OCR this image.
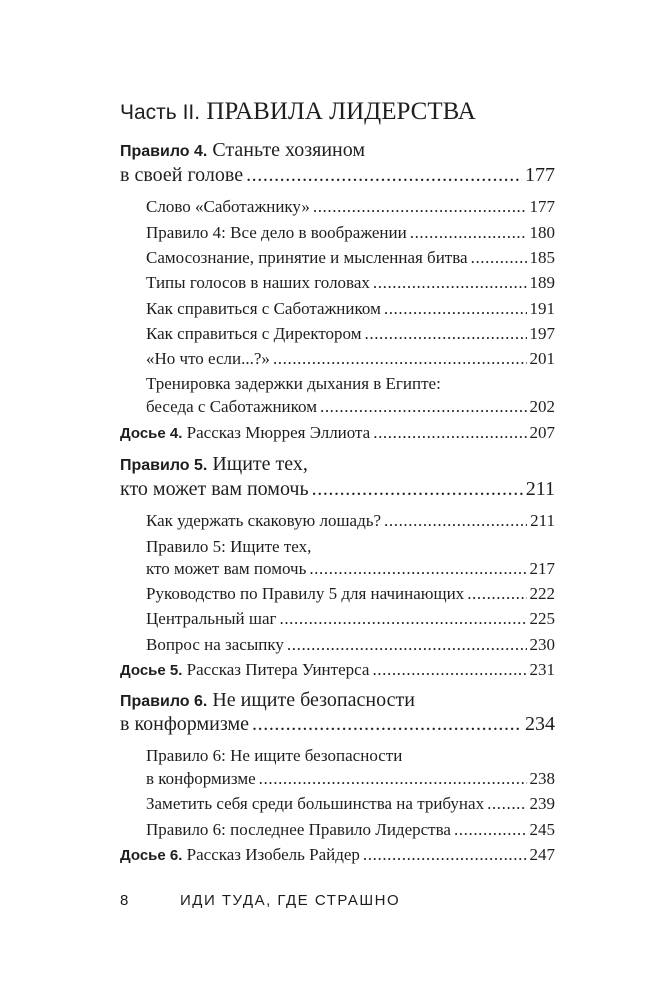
Часть II. ПРАВИЛА ЛИДЕРСТВА
Правило 4. Станьте хозяином
в своей голове .....	177
Слово «Саботажнику» .....	177
Правило 4: Все дело в воображении .....	180
Самосознание, принятие и мысленная битва .....	185
Типы голосов в наших головах .....	189
Как справиться с Саботажником .....	191
Как справиться с Директором .....	197
«Но что если...?» .....	201
Тренировка задержки дыхания в Египте:
беседа с Саботажником .....	202
Досье 4. Рассказ Мюррея Эллиота .....	207
Правило 5. Ищите тех,
кто может вам помочь .....	211
Как удержать скаковую лошадь? .....	211
Правило 5: Ищите тех,
кто может вам помочь .....	217
Руководство по Правилу 5 для начинающих .....	222
Центральный шаг .....	225
Вопрос на засыпку .....	230
Досье 5. Рассказ Питера Уинтерса .....	231
Правило 6. Не ищите безопасности
в конформизме .....	234
Правило 6: Не ищите безопасности
в конформизме .....	238
Заметить себя среди большинства на трибунах .....	239
Правило 6: последнее Правило Лидерства .....	245
Досье 6. Рассказ Изобель Райдер .....	247
8	ИДИ ТУДА, ГДЕ СТРАШНО
